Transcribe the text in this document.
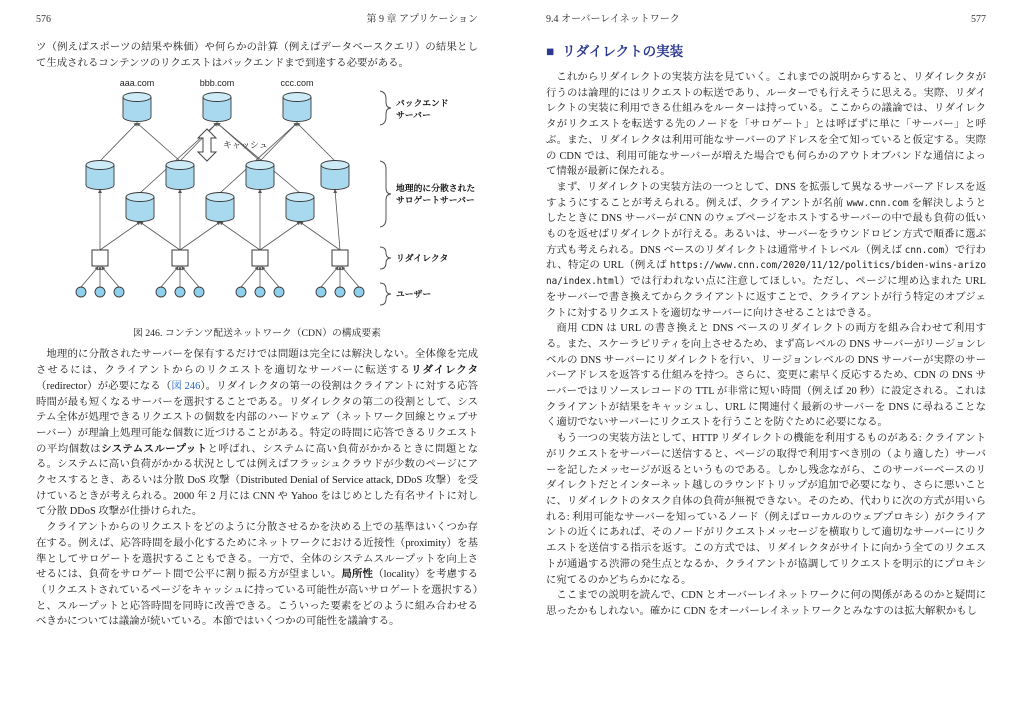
576	第 9 章 アプリケーション

ツ（例えばスポーツの結果や株価）や何らかの計算（例えばデータベースクエリ）の結果として生成されるコンテンツのリクエストはバックエンドまで到達する必要がある。

aaa.com	bbb.com	ccc.com
キャッシュ
バックエンド
サーバー
地理的に分散された
サロゲートサーバー
リダイレクタ
ユーザー
図 246. コンテンツ配送ネットワーク（CDN）の構成要素

地理的に分散されたサーバーを保有するだけでは問題は完全には解決しない。全体像を完成させるには、クライアントからのリクエストを適切なサーバーに転送するリダイレクタ（redirector）が必要になる（図 246）。リダイレクタの第一の役割はクライアントに対する応答時間が最も短くなるサーバーを選択することである。リダイレクタの第二の役割として、システム全体が処理できるリクエストの個数を内部のハードウェア（ネットワーク回線とウェブサーバー）が理論上処理可能な個数に近づけることがある。特定の時間に応答できるリクエストの平均個数はシステムスループットと呼ばれ、システムに高い負荷がかかるときに問題となる。システムに高い負荷がかかる状況としては例えばフラッシュクラウドが少数のページにアクセスするとき、あるいは分散 DoS 攻撃（Distributed Denial of Service attack, DDoS 攻撃）を受けているときが考えられる。2000 年 2 月には CNN や Yahoo をはじめとした有名サイトに対して分散 DDoS 攻撃が仕掛けられた。

クライアントからのリクエストをどのように分散させるかを決める上での基準はいくつか存在する。例えば、応答時間を最小化するためにネットワークにおける近接性（proximity）を基準としてサロゲートを選択することもできる。一方で、全体のシステムスループットを向上させるには、負荷をサロゲート間で公平に割り振る方が望ましい。局所性（locality）を考慮する（リクエストされているページをキャッシュに持っている可能性が高いサロゲートを選択する）と、スループットと応答時間を同時に改善できる。こういった要素をどのように組み合わせるべきかについては議論が続いている。本節ではいくつかの可能性を議論する。

9.4 オーバーレイネットワーク	577
■ リダイレクトの実装

これからリダイレクトの実装方法を見ていく。これまでの説明からすると、リダイレクタが行うのは論理的にはリクエストの転送であり、ルーターでも行えそうに思える。実際、リダイレクトの実装に利用できる仕組みをルーターは持っている。ここからの議論では、リダイレクタがリクエストを転送する先のノードを「サロゲート」とは呼ばずに単に「サーバー」と呼ぶ。また、リダイレクタは利用可能なサーバーのアドレスを全て知っていると仮定する。実際の CDN では、利用可能なサーバーが増えた場合でも何らかのアウトオブバンドな通信によって情報が最新に保たれる。

まず、リダイレクトの実装方法の一つとして、DNS を拡張して異なるサーバーアドレスを返すようにすることが考えられる。例えば、クライアントが名前 www.cnn.com を解決しようとしたときに DNS サーバーが CNN のウェブページをホストするサーバーの中で最も負荷の低いものを返せばリダイレクトが行える。あるいは、サーバーをラウンドロビン方式で順番に選ぶ方式も考えられる。DNS ベースのリダイレクトは通常サイトレベル（例えば cnn.com）で行われ、特定の URL（例えば https://www.cnn.com/2020/11/12/politics/biden-wins-arizona/index.html）では行われない点に注意してほしい。ただし、ページに埋め込まれた URL をサーバーで書き換えてからクライアントに返すことで、クライアントが行う特定のオブジェクトに対するリクエストを適切なサーバーに向けさせることはできる。

商用 CDN は URL の書き換えと DNS ベースのリダイレクトの両方を組み合わせて利用する。また、スケーラビリティを向上させるため、まず高レベルの DNS サーバーがリージョンレベルの DNS サーバーにリダイレクトを行い、リージョンレベルの DNS サーバーが実際のサーバーアドレスを返答する仕組みを持つ。さらに、変更に素早く反応するため、CDN の DNS サーバーではリソースレコードの TTL が非常に短い時間（例えば 20 秒）に設定される。これはクライアントが結果をキャッシュし、URL に関連付く最新のサーバーを DNS に尋ねることなく適切でないサーバーにリクエストを行うことを防ぐために必要になる。

もう一つの実装方法として、HTTP リダイレクトの機能を利用するものがある: クライアントがリクエストをサーバーに送信すると、ページの取得で利用すべき別の（より適した）サーバーを記したメッセージが返るというものである。しかし残念ながら、このサーバーベースのリダイレクトだとインターネット越しのラウンドトリップが追加で必要になり、さらに悪いことに、リダイレクトのタスク自体の負荷が無視できない。そのため、代わりに次の方式が用いられる: 利用可能なサーバーを知っているノード（例えばローカルのウェブプロキシ）がクライアントの近くにあれば、そのノードがリクエストメッセージを横取りして適切なサーバーにリクエストを送信する指示を返す。この方式では、リダイレクタがサイトに向かう全てのリクエストが通過する渋滞の発生点となるか、クライアントが協調してリクエストを明示的にプロキシに宛てるのかどちらかになる。

ここまでの説明を読んで、CDN とオーバーレイネットワークに何の関係があるのかと疑問に思ったかもしれない。確かに CDN をオーバーレイネットワークとみなすのは拡大解釈かもし
